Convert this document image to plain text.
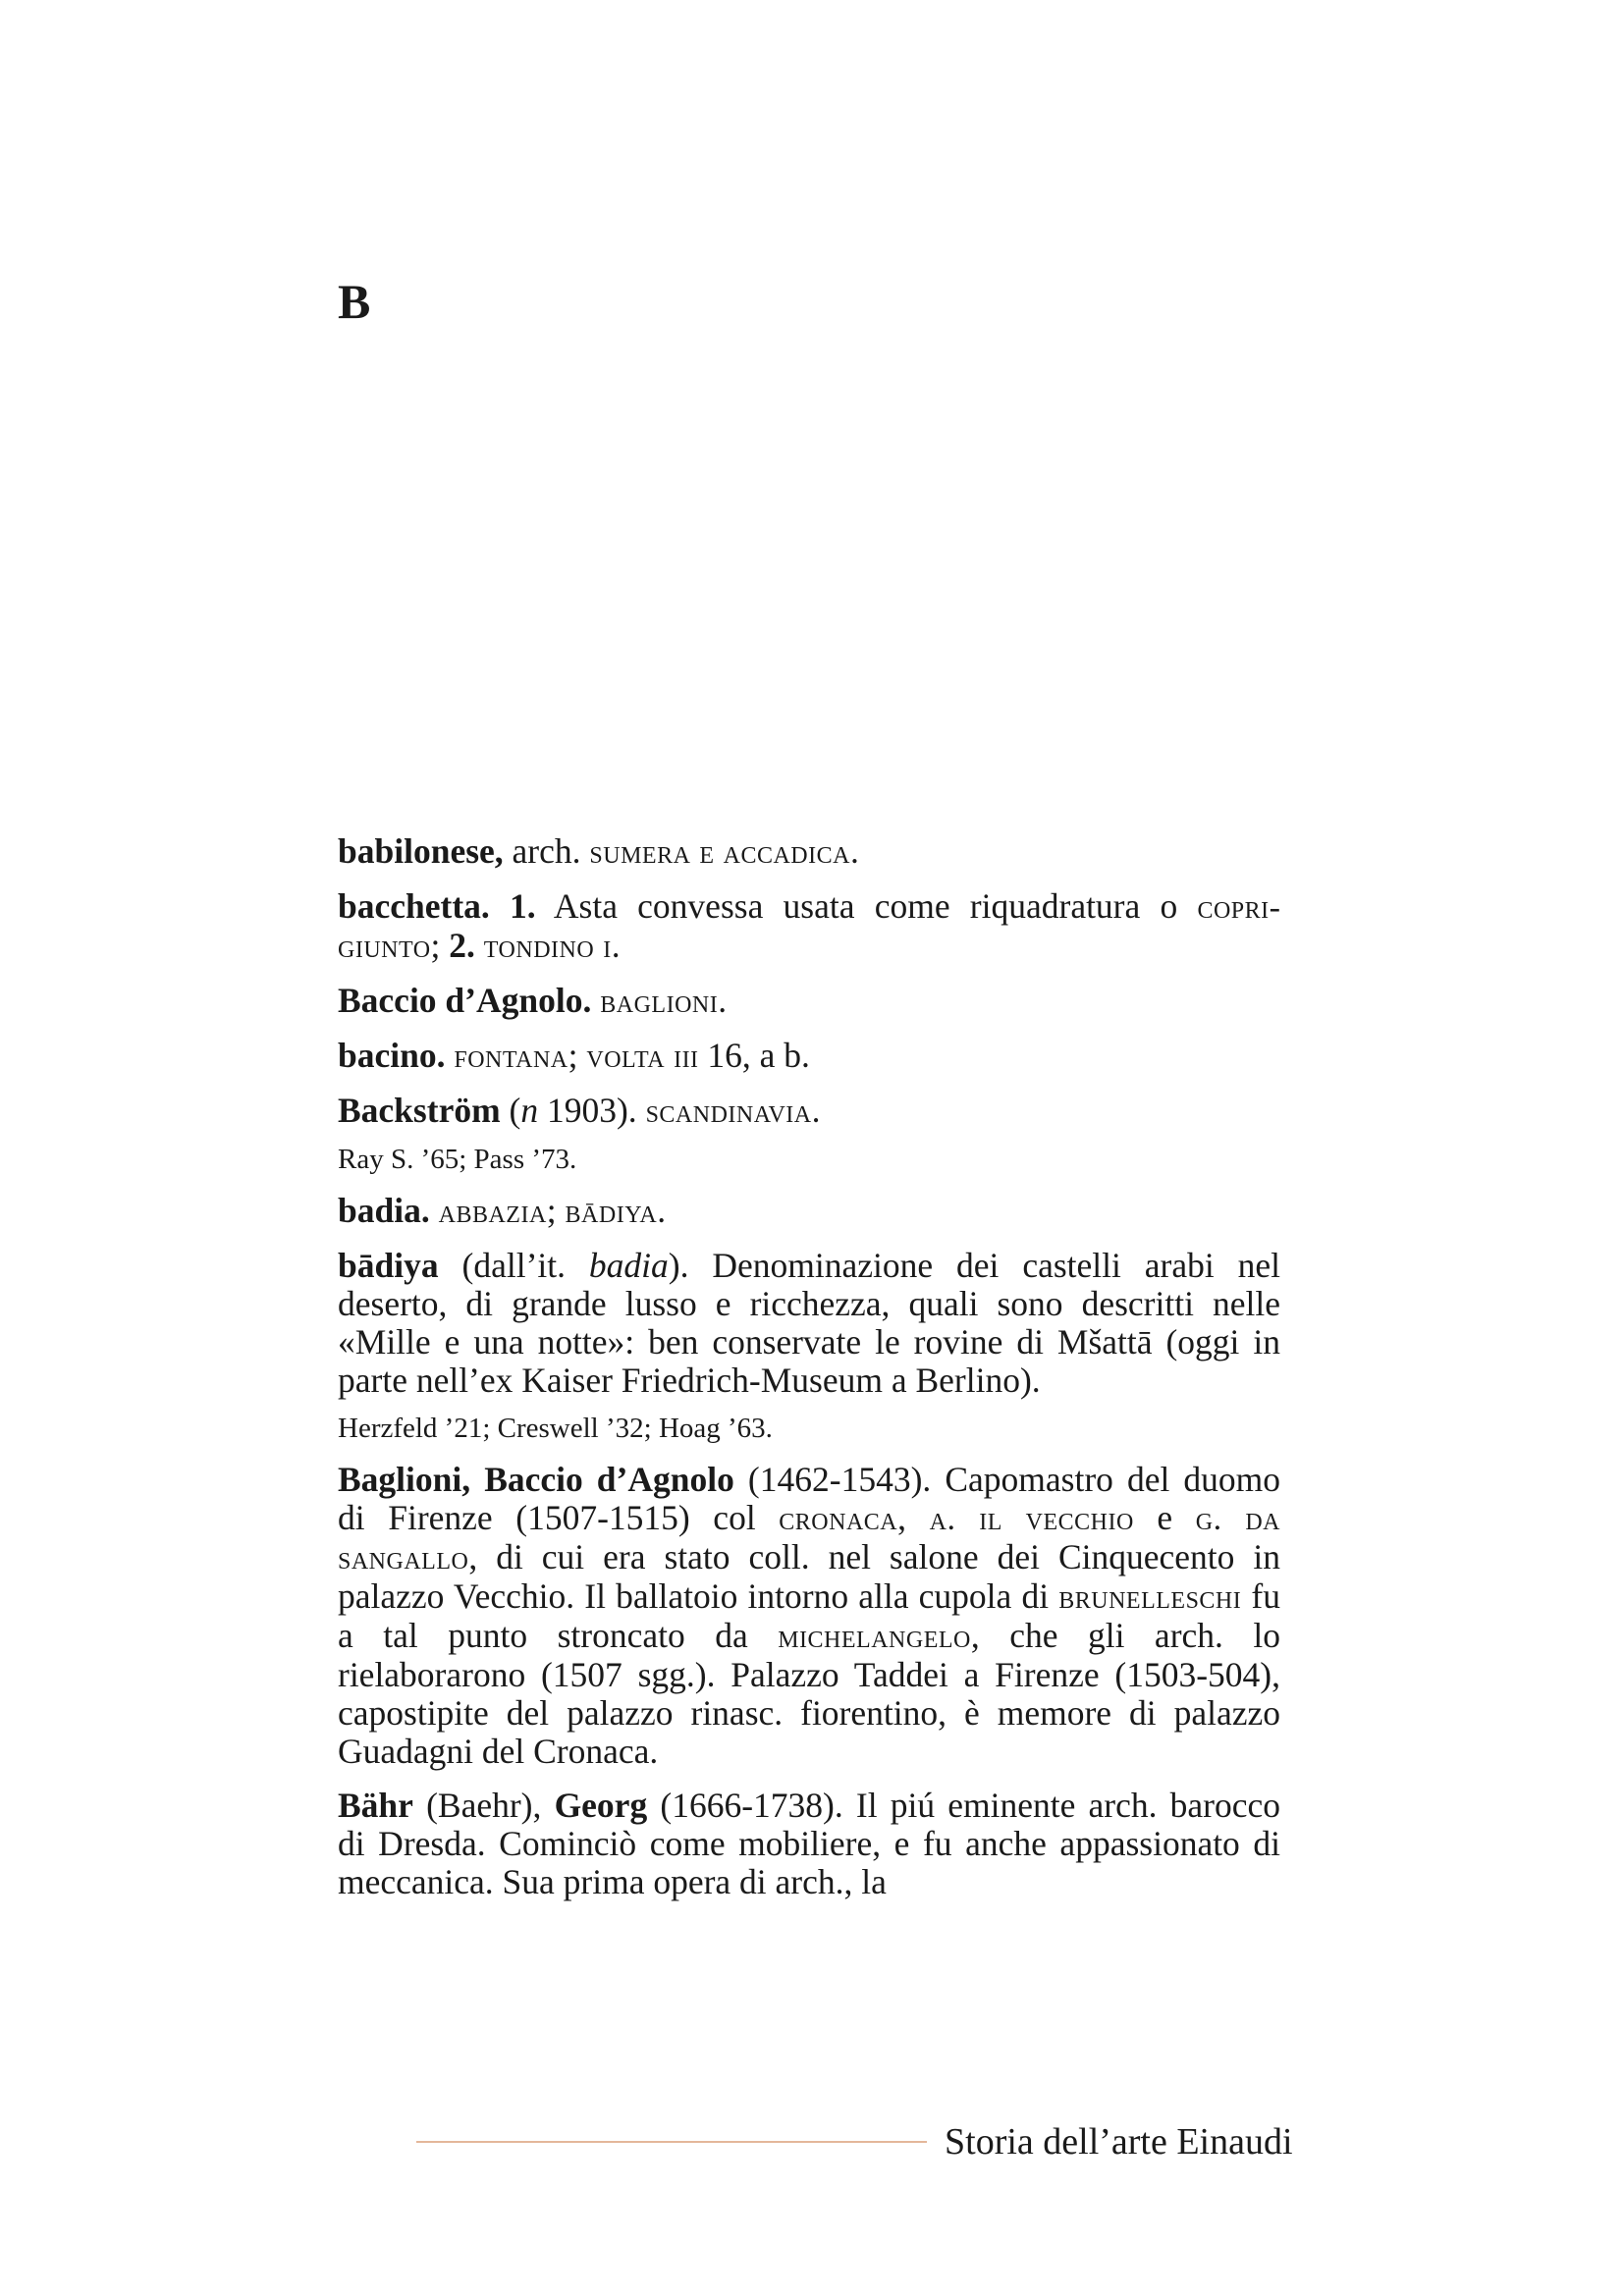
B

babilonese, arch. sumera e accadica.

bacchetta. 1. Asta convessa usata come riquadratura o coprigiunto; 2. tondino i.

Baccio d’Agnolo. baglioni.

bacino. fontana; volta iii 16, a b.

Backström (n 1903). scandinavia.

Ray S. ’65; Pass ’73.

badia. abbazia; bādiya.

bādiya (dall’it. badia). Denominazione dei castelli arabi nel deserto, di grande lusso e ricchezza, quali sono descritti nelle «Mille e una notte»: ben conservate le rovine di Mšattā (oggi in parte nell’ex Kaiser Friedrich-Museum a Berlino).

Herzfeld ’21; Creswell ’32; Hoag ’63.

Baglioni, Baccio d’Agnolo (1462-1543). Capomastro del duomo di Firenze (1507-1515) col cronaca, a. il vecchio e g. da sangallo, di cui era stato coll. nel salone dei Cinquecento in palazzo Vecchio. Il ballatoio intorno alla cupola di brunelleschi fu a tal punto stroncato da michelangelo, che gli arch. lo rielaborarono (1507 sgg.). Palazzo Taddei a Firenze (1503-504), capostipite del palazzo rinasc. fiorentino, è memore di palazzo Guadagni del Cronaca.

Bähr (Baehr), Georg (1666-1738). Il piú eminente arch. barocco di Dresda. Cominciò come mobiliere, e fu anche appassionato di meccanica. Sua prima opera di arch., la

Storia dell’arte Einaudi
